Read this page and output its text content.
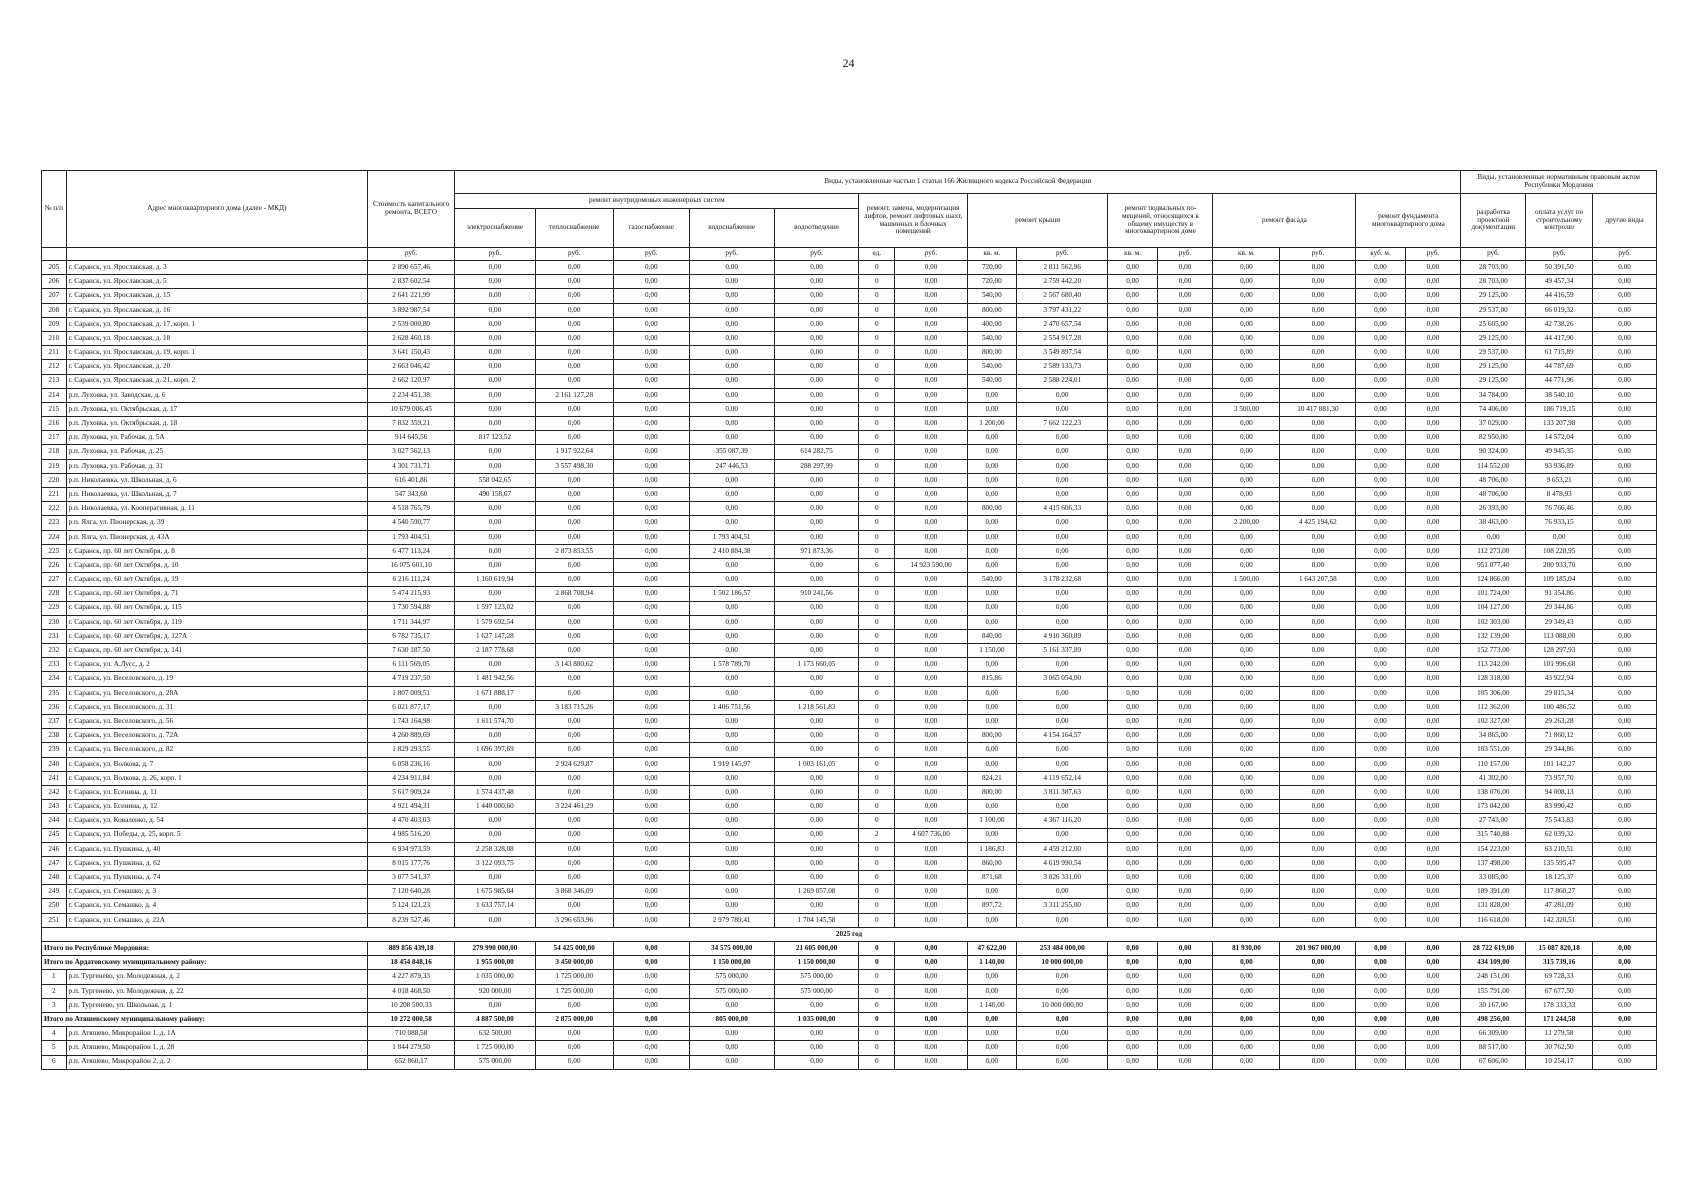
24
№ п/п	Адрес многоквартирного дома (далее - МКД)	Стоимость капитального ремонта, ВСЕГО	Виды, установленные частью 1 статьи 166 Жилищного кодекса Российской Федерации															Виды, установленные нормативным правовым актом Республики Мордовия		
			ремонт внутридомовых инженерных систем					ремонт, замена, модернизация лифтов, ремонт лифтовых шахт, машинных и блочных помещений		ремонт крыши		ремонт подвальных по-мещений, относящихся к общему имуществу в многоквартирном доме		ремонт фасада		ремонт фундамента многоквартирного дома		разработка проектной документации	оплата услуг по строительному контролю	другие виды
			электроснабжение	теплоснабжение	газоснабжение	водоснабжение	водоотведение													
		руб.	руб.	руб.	руб.	руб.	руб.	ед.	руб.	кв. м.	руб.	кв. м.	руб.	кв. м.	руб.	куб. м.	руб.	руб.	руб.	руб.
205	г. Саранск, ул. Ярославская, д. 3	2 890 657,46	0,00	0,00	0,00	0,00	0,00	0	0,00	720,00	2 811 562,96	0,00	0,00	0,00	0,00	0,00	0,00	28 703,00	50 391,50	0,00
206	г. Саранск, ул. Ярославская, д. 5	2 837 602,54	0,00	0,00	0,00	0,00	0,00	0	0,00	720,00	2 759 442,20	0,00	0,00	0,00	0,00	0,00	0,00	28 703,00	49 457,34	0,00
207	г. Саранск, ул. Ярославская, д. 15	2 641 221,99	0,00	0,00	0,00	0,00	0,00	0	0,00	540,00	2 567 680,40	0,00	0,00	0,00	0,00	0,00	0,00	29 125,00	44 416,59	0,00
208	г. Саранск, ул. Ярославская, д. 16	3 892 987,54	0,00	0,00	0,00	0,00	0,00	0	0,00	800,00	3 797 431,22	0,00	0,00	0,00	0,00	0,00	0,00	29 537,00	66 019,32	0,00
209	г. Саранск, ул. Ярославская, д. 17, корп. 1	2 539 000,80	0,00	0,00	0,00	0,00	0,00	0	0,00	400,00	2 470 657,54	0,00	0,00	0,00	0,00	0,00	0,00	25 605,00	42 738,26	0,00
210	г. Саранск, ул. Ярославская, д. 18	2 628 460,18	0,00	0,00	0,00	0,00	0,00	0	0,00	540,00	2 554 917,28	0,00	0,00	0,00	0,00	0,00	0,00	29 125,00	44 417,90	0,00
211	г. Саранск, ул. Ярославская, д. 19, корп. 1	3 641 150,43	0,00	0,00	0,00	0,00	0,00	0	0,00	800,00	3 549 897,54	0,00	0,00	0,00	0,00	0,00	0,00	29 537,00	61 715,89	0,00
212	г. Саранск, ул. Ярославская, д. 20	2 663 046,42	0,00	0,00	0,00	0,00	0,00	0	0,00	540,00	2 589 133,73	0,00	0,00	0,00	0,00	0,00	0,00	29 125,00	44 787,69	0,00
213	г. Саранск, ул. Ярославская, д. 21, корп. 2	2 662 120,97	0,00	0,00	0,00	0,00	0,00	0	0,00	540,00	2 588 224,01	0,00	0,00	0,00	0,00	0,00	0,00	29 125,00	44 771,96	0,00
214	р.п. Луховка, ул. Заводская, д. 6	2 234 451,38	0,00	2 161 127,28	0,00	0,00	0,00	0	0,00	0,00	0,00	0,00	0,00	0,00	0,00	0,00	0,00	34 784,00	38 540,10	0,00
215	р.п. Луховка, ул. Октябрьская, д. 17	10 679 006,45	0,00	0,00	0,00	0,00	0,00	0	0,00	0,00	0,00	0,00	0,00	3 500,00	10 417 881,30	0,00	0,00	74 406,00	186 719,15	0,00
216	р.п. Луховка, ул. Октябрьская, д. 18	7 832 359,21	0,00	0,00	0,00	0,00	0,00	0	0,00	1 200,00	7 662 122,23	0,00	0,00	0,00	0,00	0,00	0,00	37 029,00	133 207,98	0,00
217	р.п. Луховка, ул. Рабочая, д. 5А	914 645,56	817 123,52	0,00	0,00	0,00	0,00	0	0,00	0,00	0,00	0,00	0,00	0,00	0,00	0,00	0,00	82 950,00	14 572,04	0,00
218	р.п. Луховка, ул. Рабочая, д. 25	3 027 562,13	0,00	1 917 922,64	0,00	355 087,39	614 282,75	0	0,00	0,00	0,00	0,00	0,00	0,00	0,00	0,00	0,00	90 324,00	49 945,35	0,00
219	р.п. Луховка, ул. Рабочая, д. 31	4 301 731,71	0,00	3 557 498,30	0,00	247 446,53	288 297,99	0	0,00	0,00	0,00	0,00	0,00	0,00	0,00	0,00	0,00	114 552,00	93 936,89	0,00
220	р.п. Николаевка, ул. Школьная, д. 6	616 401,86	558 042,65	0,00	0,00	0,00	0,00	0	0,00	0,00	0,00	0,00	0,00	0,00	0,00	0,00	0,00	48 706,00	9 653,21	0,00
221	р.п. Николаевка, ул. Школьная, д. 7	547 343,60	490 158,67	0,00	0,00	0,00	0,00	0	0,00	0,00	0,00	0,00	0,00	0,00	0,00	0,00	0,00	48 706,00	8 478,93	0,00
222	р.п. Николаевка, ул. Кооперативная, д. 11	4 518 765,79	0,00	0,00	0,00	0,00	0,00	0	0,00	800,00	4 415 606,33	0,00	0,00	0,00	0,00	0,00	0,00	26 393,00	76 766,46	0,00
223	р.п. Ялга, ул. Пионерская, д. 39	4 540 590,77	0,00	0,00	0,00	0,00	0,00	0	0,00	0,00	0,00	0,00	0,00	2 200,00	4 425 194,62	0,00	0,00	38 463,00	76 933,15	0,00
224	р.п. Ялга, ул. Пионерская, д. 43А	1 793 404,51	0,00	0,00	0,00	1 793 404,51	0,00	0	0,00	0,00	0,00	0,00	0,00	0,00	0,00	0,00	0,00	0,00	0,00	0,00
225	г. Саранск, пр. 60 лет Октября, д. 8	6 477 113,24	0,00	2 873 853,55	0,00	2 410 884,38	971 873,36	0	0,00	0,00	0,00	0,00	0,00	0,00	0,00	0,00	0,00	112 273,00	108 228,95	0,00
226	г. Саранск, пр. 60 лет Октября, д. 10	16 075 601,10	0,00	0,00	0,00	0,00	0,00	6	14 923 590,00	0,00	0,00	0,00	0,00	0,00	0,00	0,00	0,00	951 077,40	200 933,70	0,00
227	г. Саранск, пр. 60 лет Октября, д. 19	6 216 111,24	1 160 619,94	0,00	0,00	0,00	0,00	0	0,00	540,00	3 178 232,68	0,00	0,00	1 500,00	1 643 207,58	0,00	0,00	124 866,00	109 185,04	0,00
228	г. Саранск, пр. 60 лет Октября, д. 71	5 474 215,93	0,00	2 868 708,94	0,00	1 502 186,57	910 241,56	0	0,00	0,00	0,00	0,00	0,00	0,00	0,00	0,00	0,00	101 724,00	91 354,86	0,00
229	г. Саранск, пр. 60 лет Октября, д. 115	1 730 594,88	1 597 123,02	0,00	0,00	0,00	0,00	0	0,00	0,00	0,00	0,00	0,00	0,00	0,00	0,00	0,00	104 127,00	29 344,86	0,00
230	г. Саранск, пр. 60 лет Октября, д. 119	1 711 344,97	1 579 692,54	0,00	0,00	0,00	0,00	0	0,00	0,00	0,00	0,00	0,00	0,00	0,00	0,00	0,00	102 303,00	29 349,43	0,00
231	г. Саранск, пр. 60 лет Октября, д. 127А	6 782 735,17	1 627 147,28	0,00	0,00	0,00	0,00	0	0,00	840,00	4 910 360,89	0,00	0,00	0,00	0,00	0,00	0,00	132 139,00	113 088,00	0,00
232	г. Саранск, пр. 60 лет Октября, д. 141	7 630 187,50	2 187 778,68	0,00	0,00	0,00	0,00	0	0,00	1 150,00	5 161 337,89	0,00	0,00	0,00	0,00	0,00	0,00	152 773,00	128 297,93	0,00
233	г. Саранск, ул. А.Лусс, д. 2	6 111 569,05	0,00	3 143 880,62	0,00	1 578 789,70	1 173 660,05	0	0,00	0,00	0,00	0,00	0,00	0,00	0,00	0,00	0,00	113 242,00	101 996,68	0,00
234	г. Саранск, ул. Веселовского, д. 19	4 719 237,50	1 481 942,56	0,00	0,00	0,00	0,00	0	0,00	815,86	3 065 054,00	0,00	0,00	0,00	0,00	0,00	0,00	128 318,00	43 922,94	0,00
235	г. Саранск, ул. Веселовского, д. 28А	1 807 009,51	1 671 888,17	0,00	0,00	0,00	0,00	0	0,00	0,00	0,00	0,00	0,00	0,00	0,00	0,00	0,00	105 306,00	29 815,34	0,00
236	г. Саранск, ул. Веселовского, д. 31	6 021 877,17	0,00	3 183 715,26	0,00	1 406 751,56	1 218 561,83	0	0,00	0,00	0,00	0,00	0,00	0,00	0,00	0,00	0,00	112 362,00	100 486,52	0,00
237	г. Саранск, ул. Веселовского, д. 56	1 743 164,98	1 611 574,70	0,00	0,00	0,00	0,00	0	0,00	0,00	0,00	0,00	0,00	0,00	0,00	0,00	0,00	102 327,00	29 263,28	0,00
238	г. Саранск, ул. Веселовского, д. 72А	4 260 889,69	0,00	0,00	0,00	0,00	0,00	0	0,00	800,00	4 154 164,57	0,00	0,00	0,00	0,00	0,00	0,00	34 865,00	71 860,12	0,00
239	г. Саранск, ул. Веселовского, д. 82	1 829 293,55	1 696 397,69	0,00	0,00	0,00	0,00	0	0,00	0,00	0,00	0,00	0,00	0,00	0,00	0,00	0,00	103 551,00	29 344,86	0,00
240	г. Саранск, ул. Волкова, д. 7	6 058 236,16	0,00	2 924 629,87	0,00	1 919 145,97	1 003 161,05	0	0,00	0,00	0,00	0,00	0,00	0,00	0,00	0,00	0,00	110 157,00	101 142,27	0,00
241	г. Саранск, ул. Волкова, д. 26, корп. 1	4 234 911,84	0,00	0,00	0,00	0,00	0,00	0	0,00	824,21	4 119 652,14	0,00	0,00	0,00	0,00	0,00	0,00	41 302,00	73 957,70	0,00
242	г. Саранск, ул. Есенина, д. 11	5 617 909,24	1 574 437,48	0,00	0,00	0,00	0,00	0	0,00	800,00	3 811 387,63	0,00	0,00	0,00	0,00	0,00	0,00	138 076,00	94 008,13	0,00
243	г. Саранск, ул. Есенина, д. 12	4 921 494,31	1 440 000,60	3 224 461,29	0,00	0,00	0,00	0	0,00	0,00	0,00	0,00	0,00	0,00	0,00	0,00	0,00	173 042,00	83 990,42	0,00
244	г. Саранск, ул. Коваленко, д. 54	4 470 403,03	0,00	0,00	0,00	0,00	0,00	0	0,00	1 100,00	4 367 116,20	0,00	0,00	0,00	0,00	0,00	0,00	27 743,00	75 543,83	0,00
245	г. Саранск, ул. Победы, д. 25, корп. 5	4 985 516,20	0,00	0,00	0,00	0,00	0,00	2	4 607 736,00	0,00	0,00	0,00	0,00	0,00	0,00	0,00	0,00	315 740,88	62 039,32	0,00
246	г. Саранск, ул. Пушкина, д. 40	6 934 973,59	2 258 328,08	0,00	0,00	0,00	0,00	0	0,00	1 186,83	4 459 212,00	0,00	0,00	0,00	0,00	0,00	0,00	154 223,00	63 210,51	0,00
247	г. Саранск, ул. Пушкина, д. 62	8 015 177,76	3 122 093,75	0,00	0,00	0,00	0,00	0	0,00	860,00	4 619 990,54	0,00	0,00	0,00	0,00	0,00	0,00	137 498,00	135 595,47	0,00
248	г. Саранск, ул. Пушкина, д. 74	3 077 541,37	0,00	0,00	0,00	0,00	0,00	0	0,00	871,68	3 026 331,00	0,00	0,00	0,00	0,00	0,00	0,00	33 085,00	18 125,37	0,00
249	г. Саранск, ул. Семашко, д. 3	7 120 640,28	1 675 985,84	3 868 346,09	0,00	0,00	1 269 057,08	0	0,00	0,00	0,00	0,00	0,00	0,00	0,00	0,00	0,00	189 391,00	117 860,27	0,00
250	г. Саранск, ул. Семашко, д. 4	5 124 121,23	1 633 757,14	0,00	0,00	0,00	0,00	0	0,00	897,72	3 311 255,00	0,00	0,00	0,00	0,00	0,00	0,00	131 828,00	47 281,09	0,00
251	г. Саранск, ул. Семашко, д. 22А	8 239 527,46	0,00	3 296 653,96	0,00	2 979 789,41	1 704 145,58	0	0,00	0,00	0,00	0,00	0,00	0,00	0,00	0,00	0,00	116 618,00	142 320,51	0,00
2025 год																				
Итого по Республике Мордовия:		889 856 439,18	279 990 000,00	54 425 000,00	0,00	34 575 000,00	21 605 000,00	0	0,00	47 622,00	253 484 000,00	0,00	0,00	81 930,00	201 967 000,00	0,00	0,00	28 722 619,00	15 087 820,18	0,00
Итого по Ардатовскому муниципальному району:		18 454 848,16	1 955 000,00	3 450 000,00	0,00	1 150 000,00	1 150 000,00	0	0,00	1 140,00	10 000 000,00	0,00	0,00	0,00	0,00	0,00	0,00	434 109,00	315 739,16	0,00
1	р.п. Тургенево, ул. Молодежная, д. 2	4 227 879,33	1 035 000,00	1 725 000,00	0,00	575 000,00	575 000,00	0	0,00	0,00	0,00	0,00	0,00	0,00	0,00	0,00	0,00	248 151,00	69 728,33	0,00
2	р.п. Тургенево, ул. Молодежная, д. 22	4 018 468,50	920 000,00	1 725 000,00	0,00	575 000,00	575 000,00	0	0,00	0,00	0,00	0,00	0,00	0,00	0,00	0,00	0,00	155 791,00	67 677,50	0,00
3	р.п. Тургенево, ул. Школьная, д. 1	10 208 500,33	0,00	0,00	0,00	0,00	0,00	0	0,00	1 140,00	10 000 000,00	0,00	0,00	0,00	0,00	0,00	0,00	30 167,00	178 333,33	0,00
Итого по Атяшевскому муниципальному району:		10 272 000,58	4 887 500,00	2 875 000,00	0,00	805 000,00	1 035 000,00	0	0,00	0,00	0,00	0,00	0,00	0,00	0,00	0,00	0,00	498 256,00	171 244,58	0,00
4	р.п. Атяшево, Микрорайон 1, д. 1А	710 088,58	632 500,00	0,00	0,00	0,00	0,00	0	0,00	0,00	0,00	0,00	0,00	0,00	0,00	0,00	0,00	66 309,00	11 279,58	0,00
5	р.п. Атяшево, Микрорайон 1, д. 28	1 844 279,50	1 725 000,00	0,00	0,00	0,00	0,00	0	0,00	0,00	0,00	0,00	0,00	0,00	0,00	0,00	0,00	88 517,00	30 762,50	0,00
6	р.п. Атяшево, Микрорайон 2, д. 2	652 860,17	575 000,00	0,00	0,00	0,00	0,00	0	0,00	0,00	0,00	0,00	0,00	0,00	0,00	0,00	0,00	67 606,00	10 254,17	0,00
